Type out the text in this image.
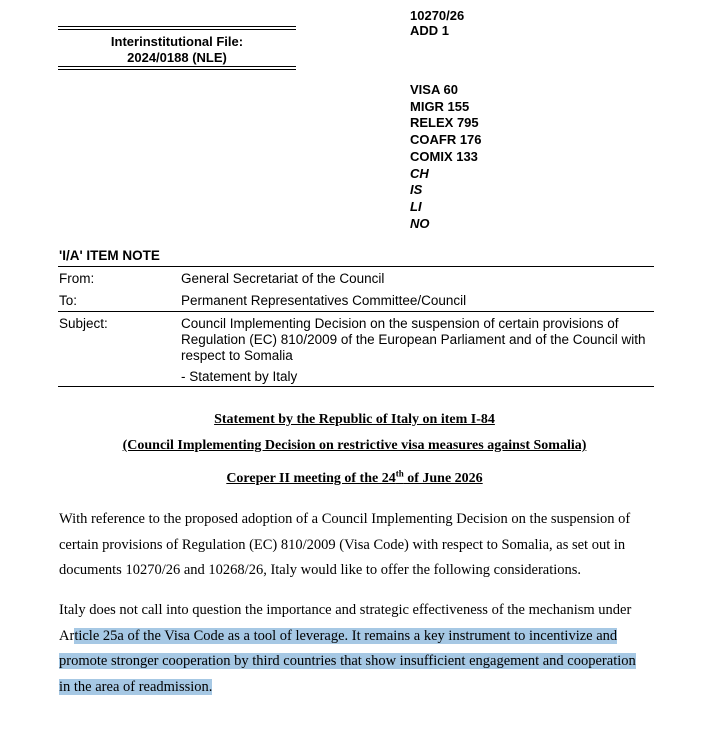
Interinstitutional File:
2024/0188 (NLE)
10270/26
ADD 1
VISA 60
MIGR 155
RELEX 795
COAFR 176
COMIX 133
CH
IS
LI
NO
'I/A' ITEM NOTE
From:	General Secretariat of the Council
To:	Permanent Representatives Committee/Council
Subject:	Council Implementing Decision on the suspension of certain provisions of Regulation (EC) 810/2009 of the European Parliament and of the Council with respect to Somalia
- Statement by Italy
Statement by the Republic of Italy on item I-84
(Council Implementing Decision on restrictive visa measures against Somalia)
Coreper II meeting of the 24th of June 2026
With reference to the proposed adoption of a Council Implementing Decision on the suspension of certain provisions of Regulation (EC) 810/2009 (Visa Code) with respect to Somalia, as set out in documents 10270/26 and 10268/26, Italy would like to offer the following considerations.
Italy does not call into question the importance and strategic effectiveness of the mechanism under
Article 25a of the Visa Code as a tool of leverage. It remains a key instrument to incentivize and
promote stronger cooperation by third countries that show insufficient engagement and cooperation
in the area of readmission.
